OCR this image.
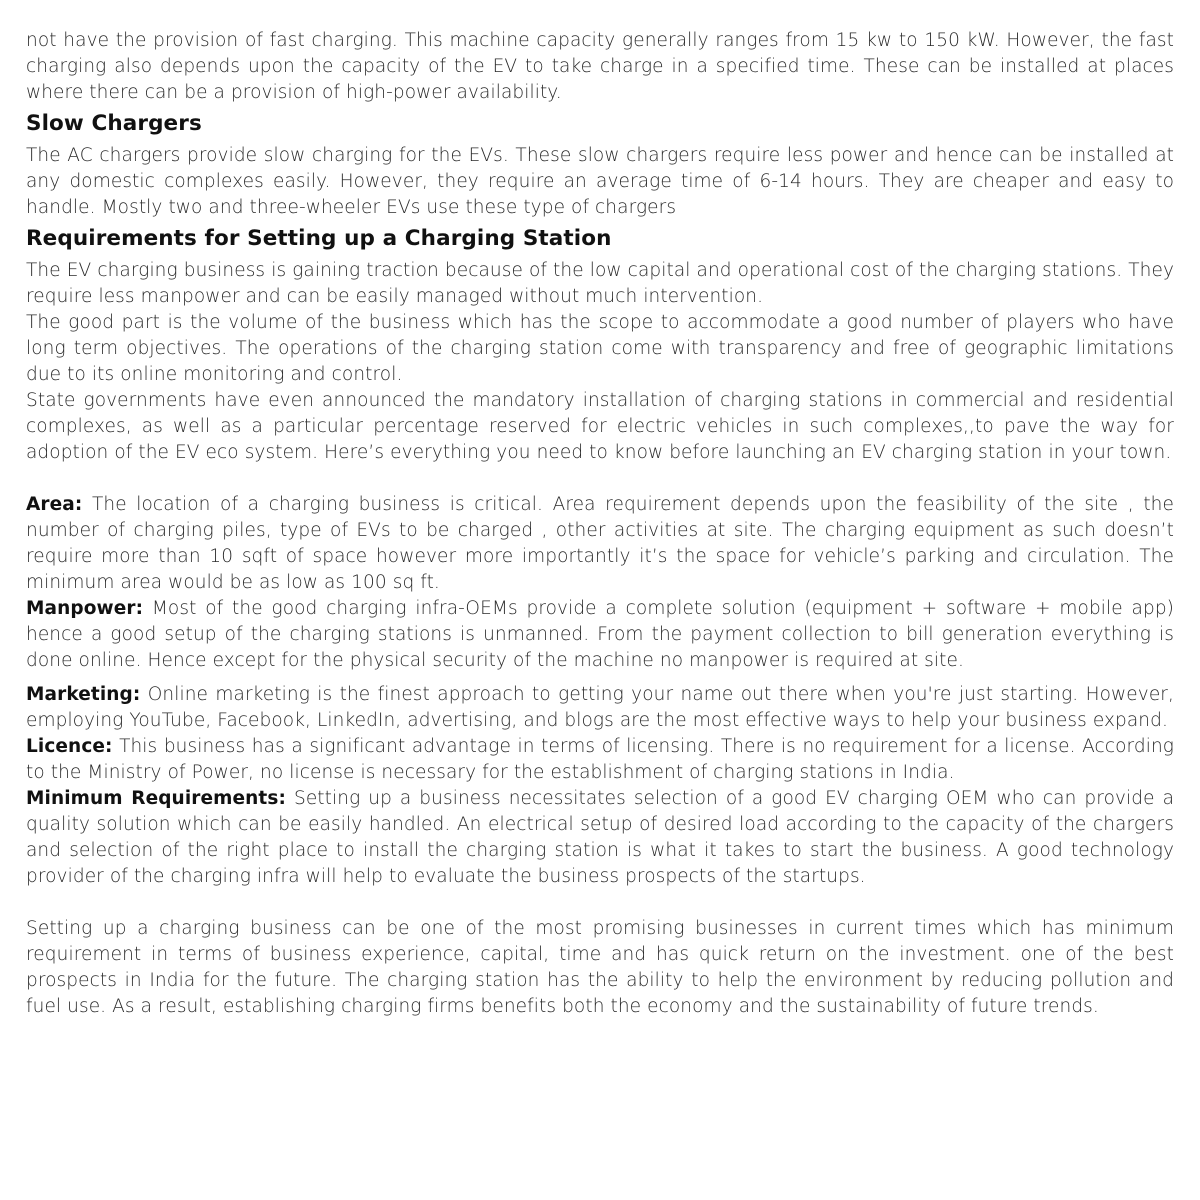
not have the provision of fast charging. This machine capacity generally ranges from 15 kw to 150 kW. However, the fast charging also depends upon the capacity of the EV to take charge in a specified time. These can be installed at places where there can be a provision of high-power availability.

Slow Chargers

The AC chargers provide slow charging for the EVs. These slow chargers require less power and hence can be installed at any domestic complexes easily. However, they require an average time of 6-14 hours. They are cheaper and easy to handle. Mostly two and three-wheeler EVs use these type of chargers

Requirements for Setting up a Charging Station

The EV charging business is gaining traction because of the low capital and operational cost of the charging stations. They require less manpower and can be easily managed without much intervention.

The good part is the volume of the business which has the scope to accommodate a good number of players who have long term objectives. The operations of the charging station come with transparency and free of geographic limitations due to its online monitoring and control.

State governments have even announced the mandatory installation of charging stations in commercial and residential complexes, as well as a particular percentage reserved for electric vehicles in such complexes,,to pave the way for adoption of the EV eco system. Here’s everything you need to know before launching an EV charging station in your town.

Area: The location of a charging business is critical. Area requirement depends upon the feasibility of the site , the number of charging piles, type of EVs to be charged , other activities at site. The charging equipment as such doesn’t require more than 10 sqft of space however more importantly it’s the space for vehicle’s parking and circulation. The minimum area would be as low as 100 sq ft.

Manpower: Most of the good charging infra-OEMs provide a complete solution (equipment + software + mobile app) hence a good setup of the charging stations is unmanned. From the payment collection to bill generation everything is done online. Hence except for the physical security of the machine no manpower is required at site.

Marketing: Online marketing is the finest approach to getting your name out there when you're just starting. However, employing YouTube, Facebook, LinkedIn, advertising, and blogs are the most effective ways to help your business expand.

Licence: This business has a significant advantage in terms of licensing. There is no requirement for a license. According to the Ministry of Power, no license is necessary for the establishment of charging stations in India.

Minimum Requirements: Setting up a business necessitates selection of a good EV charging OEM who can provide a quality solution which can be easily handled. An electrical setup of desired load according to the capacity of the chargers and selection of the right place to install the charging station is what it takes to start the business. A good technology provider of the charging infra will help to evaluate the business prospects of the startups.

Setting up a charging business can be one of the most promising businesses in current times which has minimum requirement in terms of business experience, capital, time and has quick return on the investment. one of the best prospects in India for the future. The charging station has the ability to help the environment by reducing pollution and fuel use. As a result, establishing charging firms benefits both the economy and the sustainability of future trends.
